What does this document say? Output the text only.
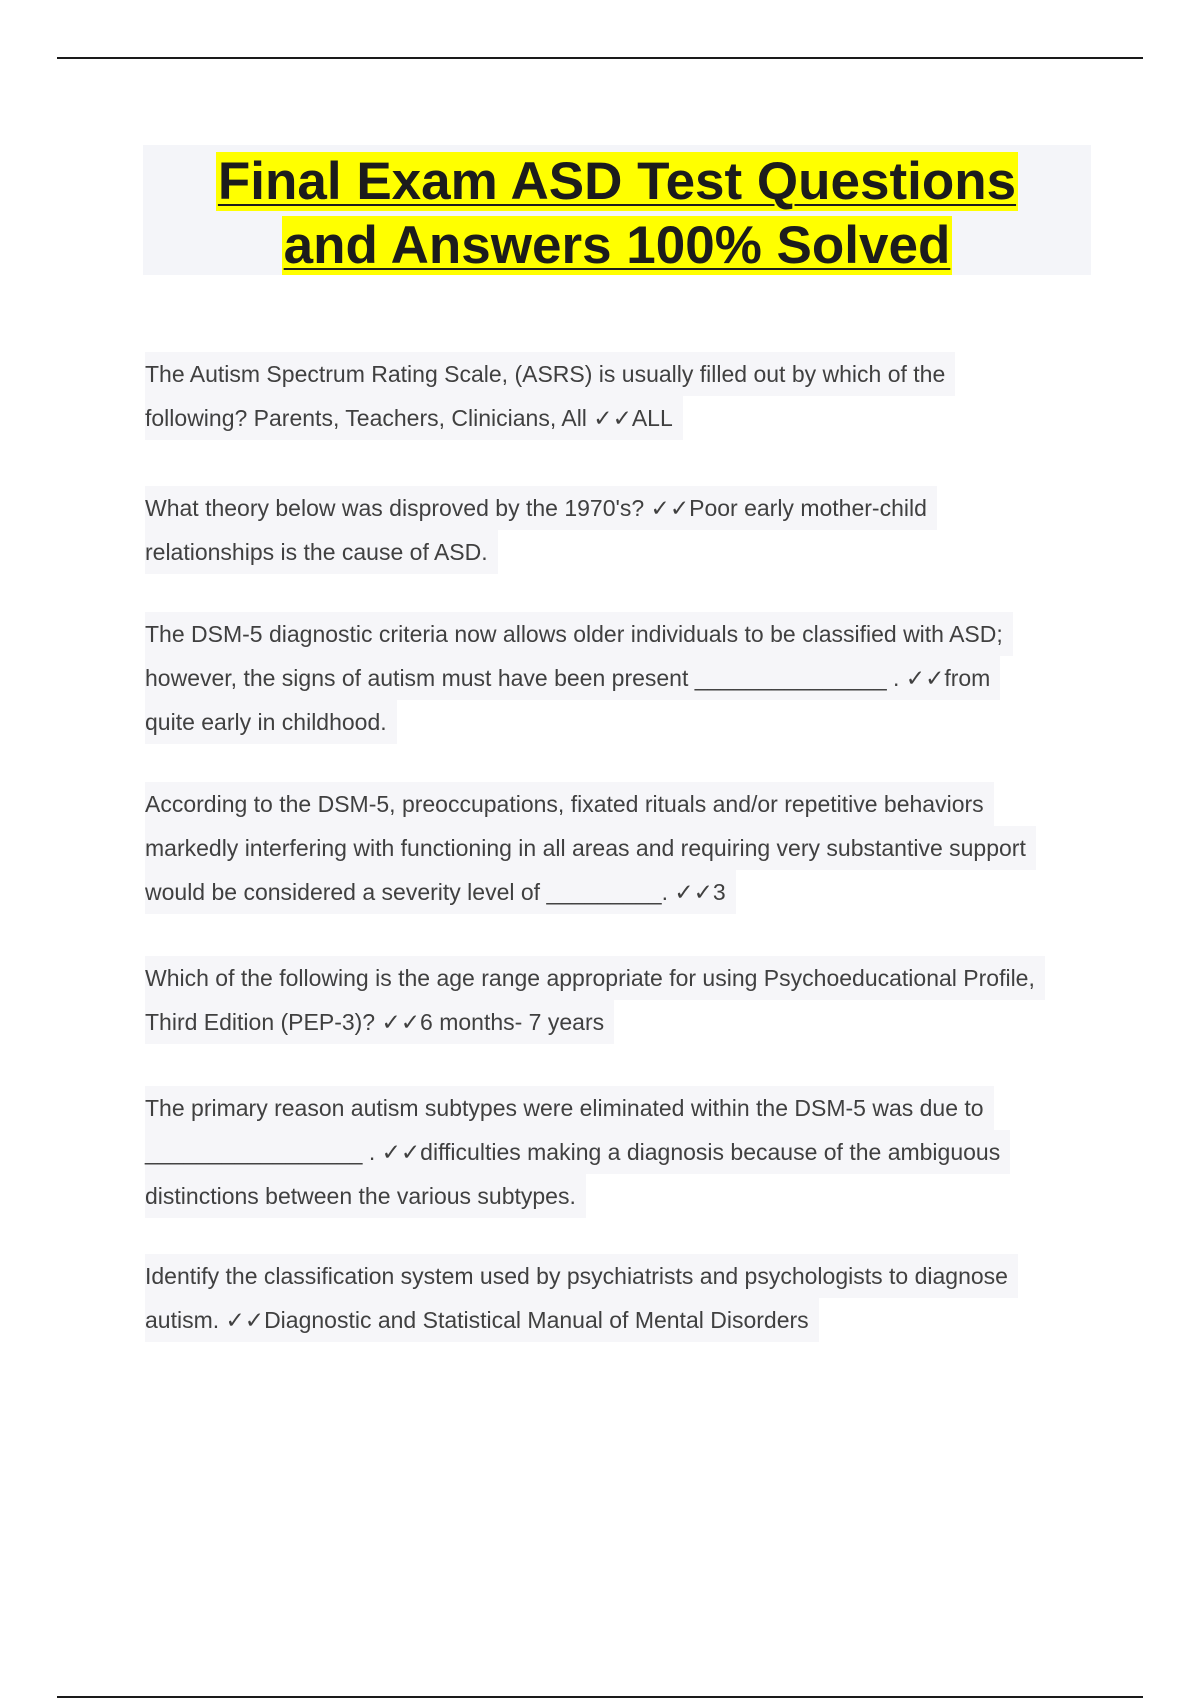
Final Exam ASD Test Questions
and Answers 100% Solved

The Autism Spectrum Rating Scale, (ASRS) is usually filled out by which of the
following? Parents, Teachers, Clinicians, All ✓✓ALL

What theory below was disproved by the 1970's? ✓✓Poor early mother-child
relationships is the cause of ASD.

The DSM-5 diagnostic criteria now allows older individuals to be classified with ASD;
however, the signs of autism must have been present _______________ . ✓✓from
quite early in childhood.

According to the DSM-5, preoccupations, fixated rituals and/or repetitive behaviors
markedly interfering with functioning in all areas and requiring very substantive support
would be considered a severity level of _________. ✓✓3

Which of the following is the age range appropriate for using Psychoeducational Profile,
Third Edition (PEP-3)? ✓✓6 months- 7 years

The primary reason autism subtypes were eliminated within the DSM-5 was due to
_________________ . ✓✓difficulties making a diagnosis because of the ambiguous
distinctions between the various subtypes.

Identify the classification system used by psychiatrists and psychologists to diagnose
autism. ✓✓Diagnostic and Statistical Manual of Mental Disorders
